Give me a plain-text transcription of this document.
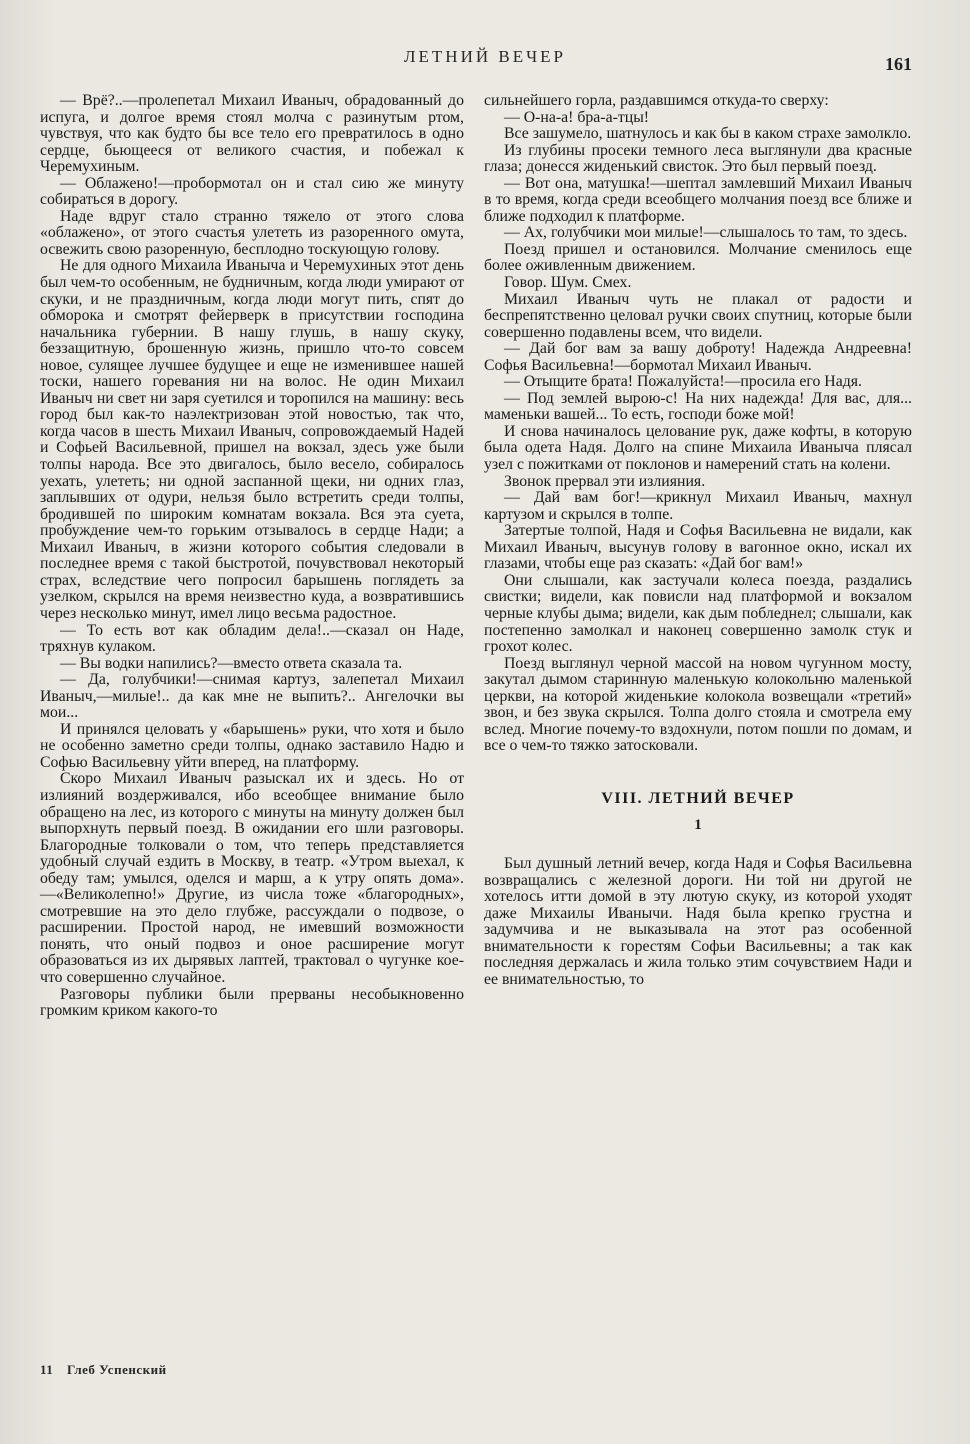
ЛЕТНИЙ ВЕЧЕР	161

— Врё?..—пролепетал Михаил Иваныч, обрадованный до испуга, и долгое время стоял молча с разинутым ртом, чувствуя, что как будто бы все тело его превратилось в одно сердце, бьющееся от великого счастия, и побежал к Черемухиным.

— Облажено!—пробормотал он и стал сию же минуту собираться в дорогу.

Наде вдруг стало странно тяжело от этого слова «облажено», от этого счастья улететь из разоренного омута, освежить свою разоренную, бесплодно тоскующую голову.

Не для одного Михаила Иваныча и Черемухиных этот день был чем-то особенным, не будничным, когда люди умирают от скуки, и не праздничным, когда люди могут пить, спят до обморока и смотрят фейерверк в присутствии господина начальника губернии. В нашу глушь, в нашу скуку, беззащитную, брошенную жизнь, пришло что-то совсем новое, сулящее лучшее будущее и еще не изменившее нашей тоски, нашего горевания ни на волос. Не один Михаил Иваныч ни свет ни заря суетился и торопился на машину: весь город был как-то наэлектризован этой новостью, так что, когда часов в шесть Михаил Иваныч, сопровождаемый Надей и Софьей Васильевной, пришел на вокзал, здесь уже были толпы народа. Все это двигалось, было весело, собиралось уехать, улететь; ни одной заспанной щеки, ни одних глаз, заплывших от одури, нельзя было встретить среди толпы, бродившей по широким комнатам вокзала. Вся эта суета, пробуждение чем-то горьким отзывалось в сердце Нади; а Михаил Иваныч, в жизни которого события следовали в последнее время с такой быстротой, почувствовал некоторый страх, вследствие чего попросил барышень поглядеть за узелком, скрылся на время неизвестно куда, а возвратившись через несколько минут, имел лицо весьма радостное.

— То есть вот как обладим дела!..—сказал он Наде, тряхнув кулаком.

— Вы водки напились?—вместо ответа сказала та.

— Да, голубчики!—снимая картуз, залепетал Михаил Иваныч,—милые!.. да как мне не выпить?.. Ангелочки вы мои...

И принялся целовать у «барышень» руки, что хотя и было не особенно заметно среди толпы, однако заставило Надю и Софью Васильевну уйти вперед, на платформу.

Скоро Михаил Иваныч разыскал их и здесь. Но от излияний воздерживался, ибо всеобщее внимание было обращено на лес, из которого с минуты на минуту должен был выпорхнуть первый поезд. В ожидании его шли разговоры. Благородные толковали о том, что теперь представляется удобный случай ездить в Москву, в театр. «Утром выехал, к обеду там; умылся, оделся и марш, а к утру опять дома».—«Великолепно!» Другие, из числа тоже «благородных», смотревшие на это дело глубже, рассуждали о подвозе, о расширении. Простой народ, не имевший возможности понять, что оный подвоз и оное расширение могут образоваться из их дырявых лаптей, трактовал о чугунке кое-что совершенно случайное.

Разговоры публики были прерваны несобыкновенно громким криком какого-то

сильнейшего горла, раздавшимся откуда-то сверху:

— О-на-а! бра-а-тцы!

Все зашумело, шатнулось и как бы в каком страхе замолкло.

Из глубины просеки темного леса выглянули два красные глаза; донесся жиденький свисток. Это был первый поезд.

— Вот она, матушка!—шептал замлевший Михаил Иваныч в то время, когда среди всеобщего молчания поезд все ближе и ближе подходил к платформе.

— Ах, голубчики мои милые!—слышалось то там, то здесь.

Поезд пришел и остановился. Молчание сменилось еще более оживленным движением.

Говор. Шум. Смех.

Михаил Иваныч чуть не плакал от радости и беспрепятственно целовал ручки своих спутниц, которые были совершенно подавлены всем, что видели.

— Дай бог вам за вашу доброту! Надежда Андреевна! Софья Васильевна!—бормотал Михаил Иваныч.

— Отыщите брата! Пожалуйста!—просила его Надя.

— Под землей вырою-с! На них надежда! Для вас, для... маменьки вашей... То есть, господи боже мой!

И снова начиналось целование рук, даже кофты, в которую была одета Надя. Долго на спине Михаила Иваныча плясал узел с пожитками от поклонов и намерений стать на колени.

Звонок прервал эти излияния.

— Дай вам бог!—крикнул Михаил Иваныч, махнул картузом и скрылся в толпе.

Затертые толпой, Надя и Софья Васильевна не видали, как Михаил Иваныч, высунув голову в вагонное окно, искал их глазами, чтобы еще раз сказать: «Дай бог вам!»

Они слышали, как застучали колеса поезда, раздались свистки; видели, как повисли над платформой и вокзалом черные клубы дыма; видели, как дым побледнел; слышали, как постепенно замолкал и наконец совершенно замолк стук и грохот колес.

Поезд выглянул черной массой на новом чугунном мосту, закутал дымом старинную маленькую колокольню маленькой церкви, на которой жиденькие колокола возвещали «третий» звон, и без звука скрылся. Толпа долго стояла и смотрела ему вслед. Многие почему-то вздохнули, потом пошли по домам, и все о чем-то тяжко затосковали.

VIII. ЛЕТНИЙ ВЕЧЕР
1

Был душный летний вечер, когда Надя и Софья Васильевна возвращались с железной дороги. Ни той ни другой не хотелось итти домой в эту лютую скуку, из которой уходят даже Михаилы Иванычи. Надя была крепко грустна и задумчива и не выказывала на этот раз особенной внимательности к горестям Софьи Васильевны; а так как последняя держалась и жила только этим сочувствием Нади и ее внимательностью, то

11 Глеб Успенский
